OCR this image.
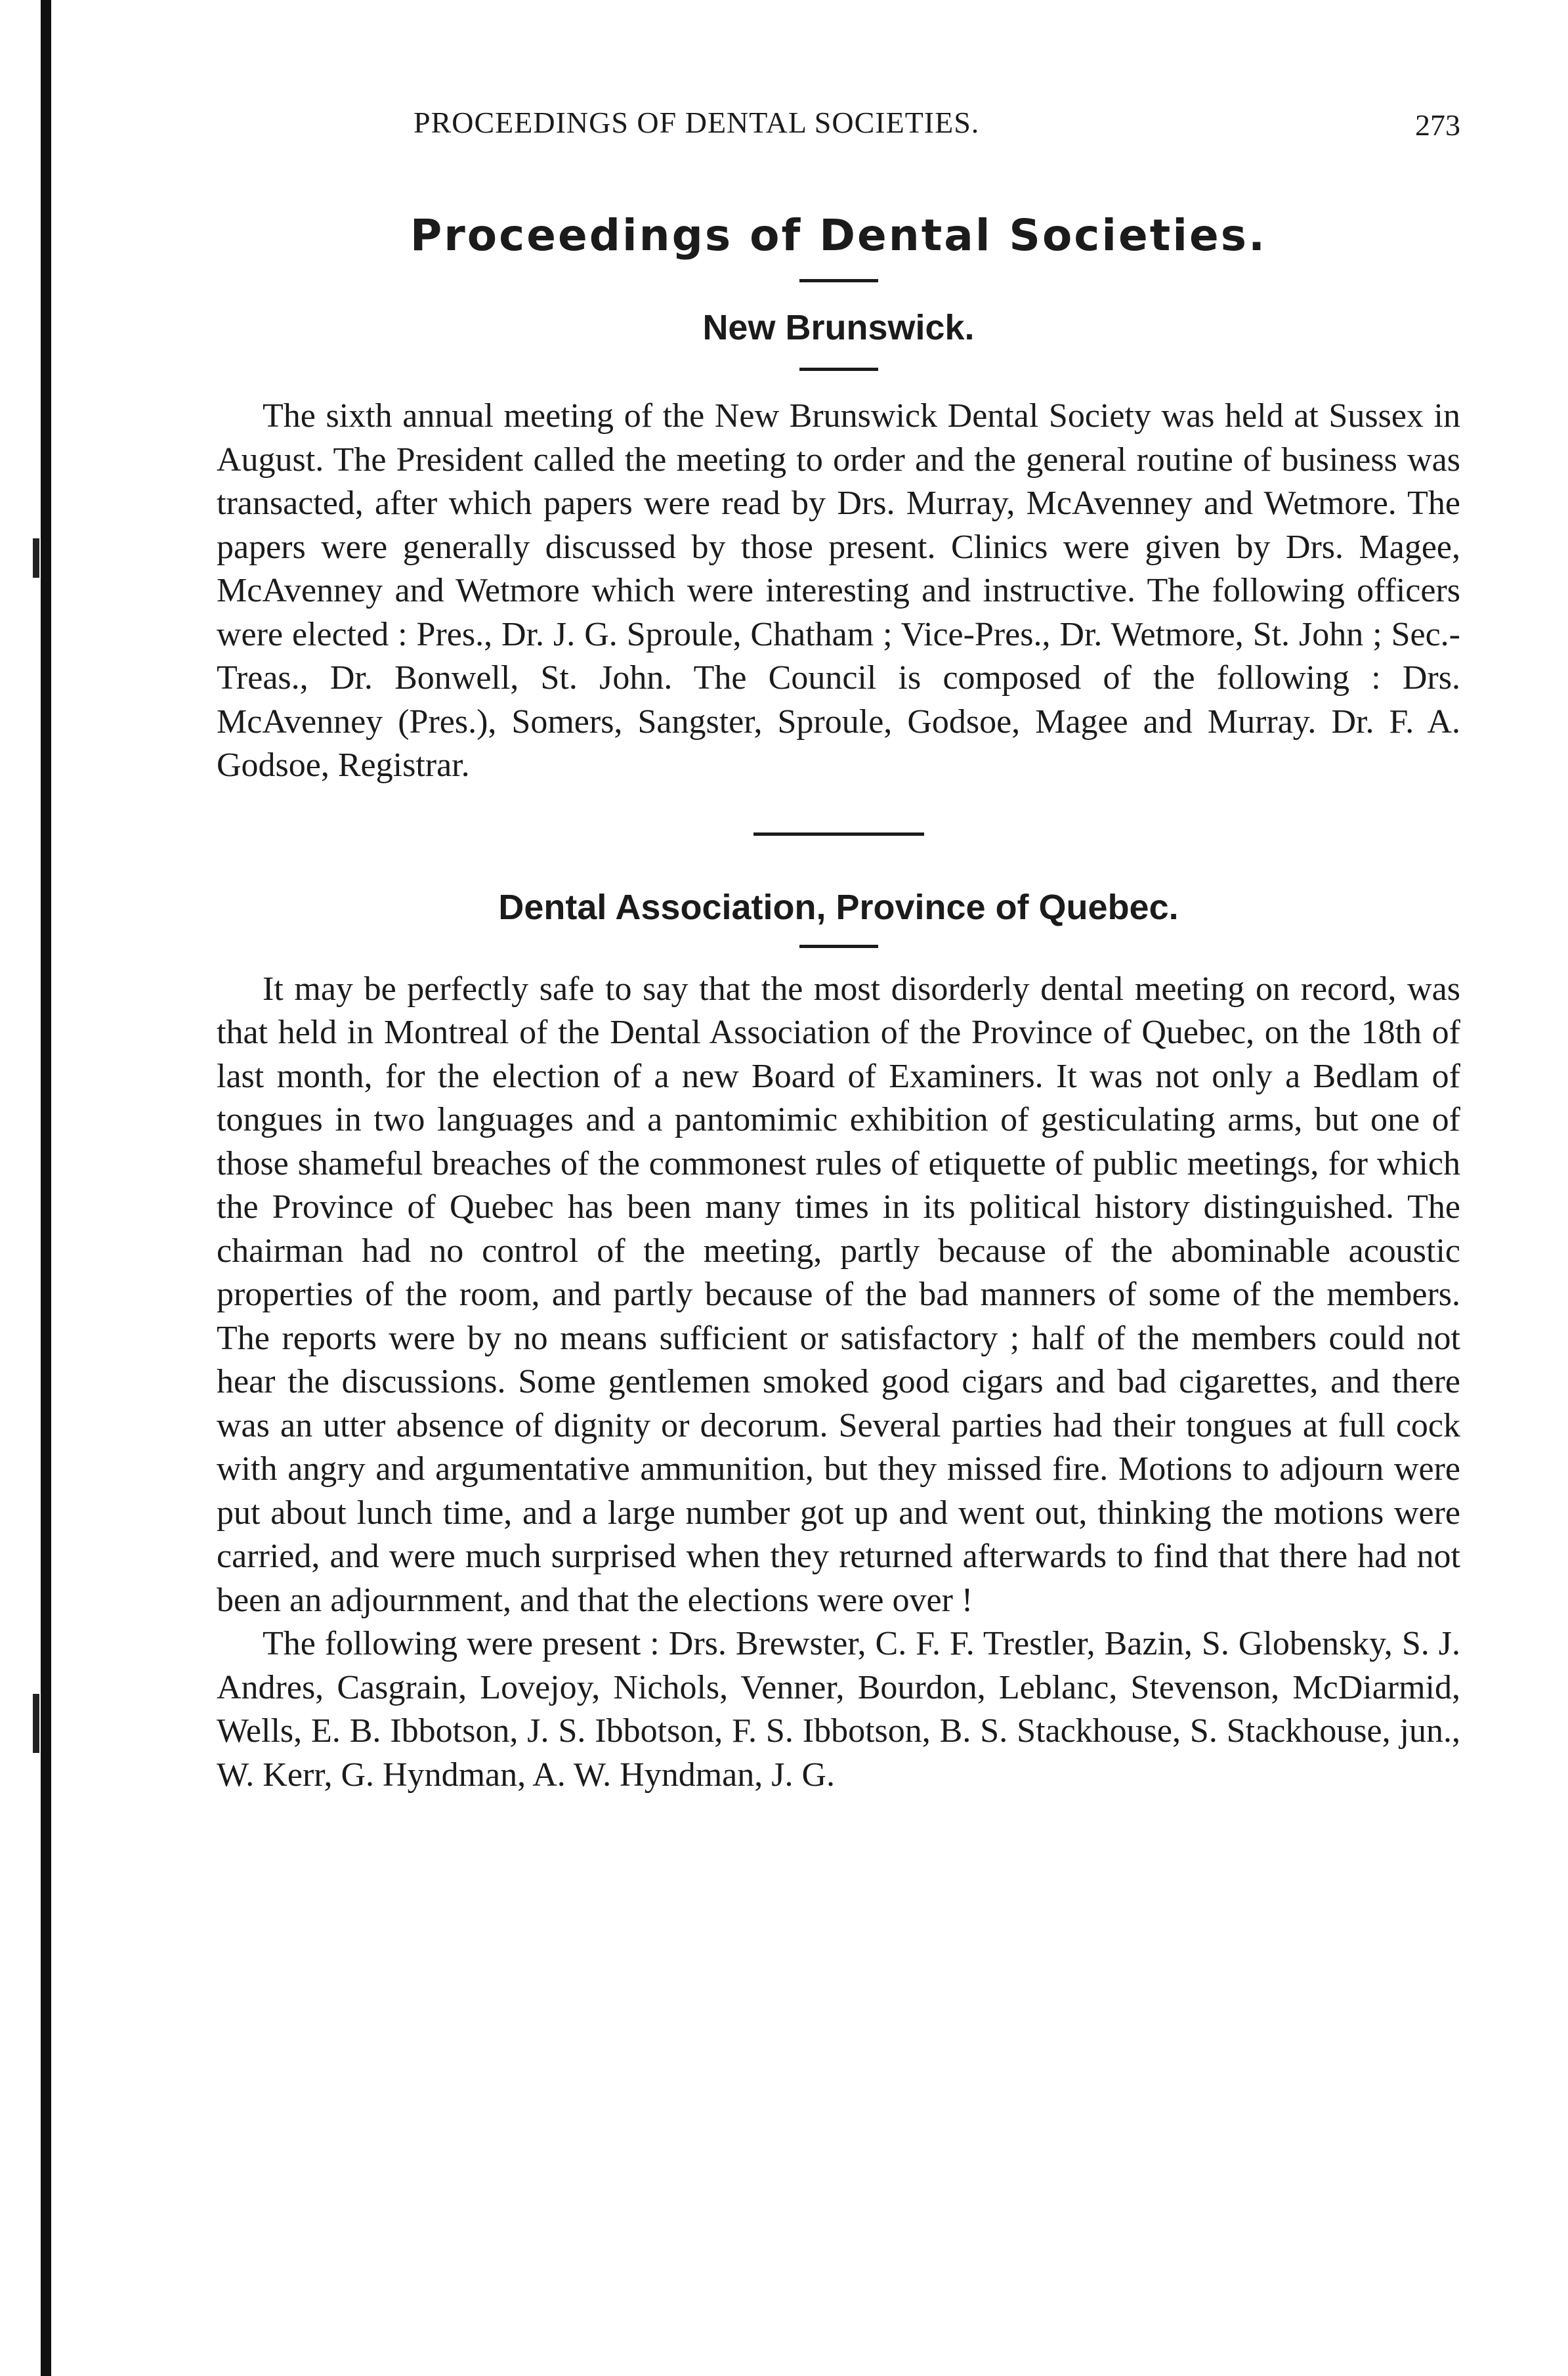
PROCEEDINGS OF DENTAL SOCIETIES.	273
Proceedings of Dental Societies.
New Brunswick.

The sixth annual meeting of the New Brunswick Dental Society was held at Sussex in August. The President called the meeting to order and the general routine of business was transacted, after which papers were read by Drs. Murray, McAvenney and Wetmore. The papers were generally discussed by those present. Clinics were given by Drs. Magee, McAvenney and Wetmore which were interesting and instructive. The following officers were elected : Pres., Dr. J. G. Sproule, Chatham ; Vice-Pres., Dr. Wetmore, St. John ; Sec.-Treas., Dr. Bonwell, St. John. The Council is composed of the following : Drs. McAvenney (Pres.), Somers, Sangster, Sproule, Godsoe, Magee and Murray. Dr. F. A. Godsoe, Registrar.

Dental Association, Province of Quebec.

It may be perfectly safe to say that the most disorderly dental meeting on record, was that held in Montreal of the Dental Association of the Province of Quebec, on the 18th of last month, for the election of a new Board of Examiners. It was not only a Bedlam of tongues in two languages and a pantomimic exhibition of gesticulating arms, but one of those shameful breaches of the commonest rules of etiquette of public meetings, for which the Province of Quebec has been many times in its political history distinguished. The chairman had no control of the meeting, partly because of the abominable acoustic properties of the room, and partly because of the bad manners of some of the members. The reports were by no means sufficient or satisfactory ; half of the members could not hear the discussions. Some gentlemen smoked good cigars and bad cigarettes, and there was an utter absence of dignity or decorum. Several parties had their tongues at full cock with angry and argumentative ammunition, but they missed fire. Motions to adjourn were put about lunch time, and a large number got up and went out, thinking the motions were carried, and were much surprised when they returned afterwards to find that there had not been an adjournment, and that the elections were over !

The following were present : Drs. Brewster, C. F. F. Trestler, Bazin, S. Globensky, S. J. Andres, Casgrain, Lovejoy, Nichols, Venner, Bourdon, Leblanc, Stevenson, McDiarmid, Wells, E. B. Ibbotson, J. S. Ibbotson, F. S. Ibbotson, B. S. Stackhouse, S. Stackhouse, jun., W. Kerr, G. Hyndman, A. W. Hyndman, J. G.
